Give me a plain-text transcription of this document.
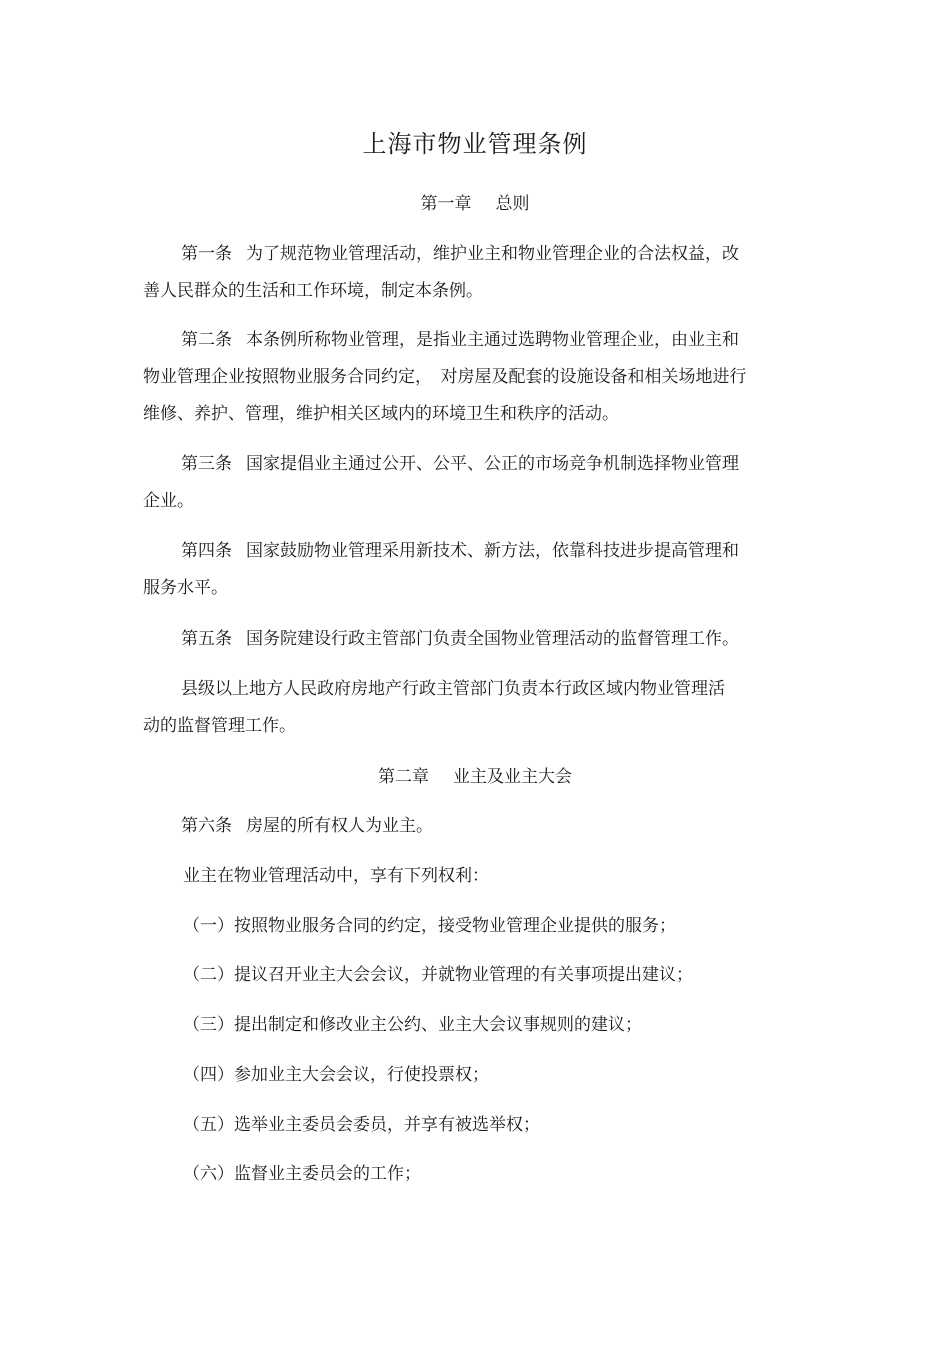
上海市物业管理条例
第一章 总则
第一条 为了规范物业管理活动，维护业主和物业管理企业的合法权益，改
善人民群众的生活和工作环境，制定本条例。
第二条 本条例所称物业管理，是指业主通过选聘物业管理企业，由业主和
物业管理企业按照物业服务合同约定，　对房屋及配套的设施设备和相关场地进行
维修、养护、管理，维护相关区域内的环境卫生和秩序的活动。
第三条 国家提倡业主通过公开、公平、公正的市场竞争机制选择物业管理
企业。
第四条 国家鼓励物业管理采用新技术、新方法，依靠科技进步提高管理和
服务水平。
第五条 国务院建设行政主管部门负责全国物业管理活动的监督管理工作。
县级以上地方人民政府房地产行政主管部门负责本行政区域内物业管理活
动的监督管理工作。
第二章 业主及业主大会
第六条 房屋的所有权人为业主。
业主在物业管理活动中，享有下列权利：
（一）按照物业服务合同的约定，接受物业管理企业提供的服务；
（二）提议召开业主大会会议，并就物业管理的有关事项提出建议；
（三）提出制定和修改业主公约、业主大会议事规则的建议；
（四）参加业主大会会议，行使投票权；
（五）选举业主委员会委员，并享有被选举权；
（六）监督业主委员会的工作；
